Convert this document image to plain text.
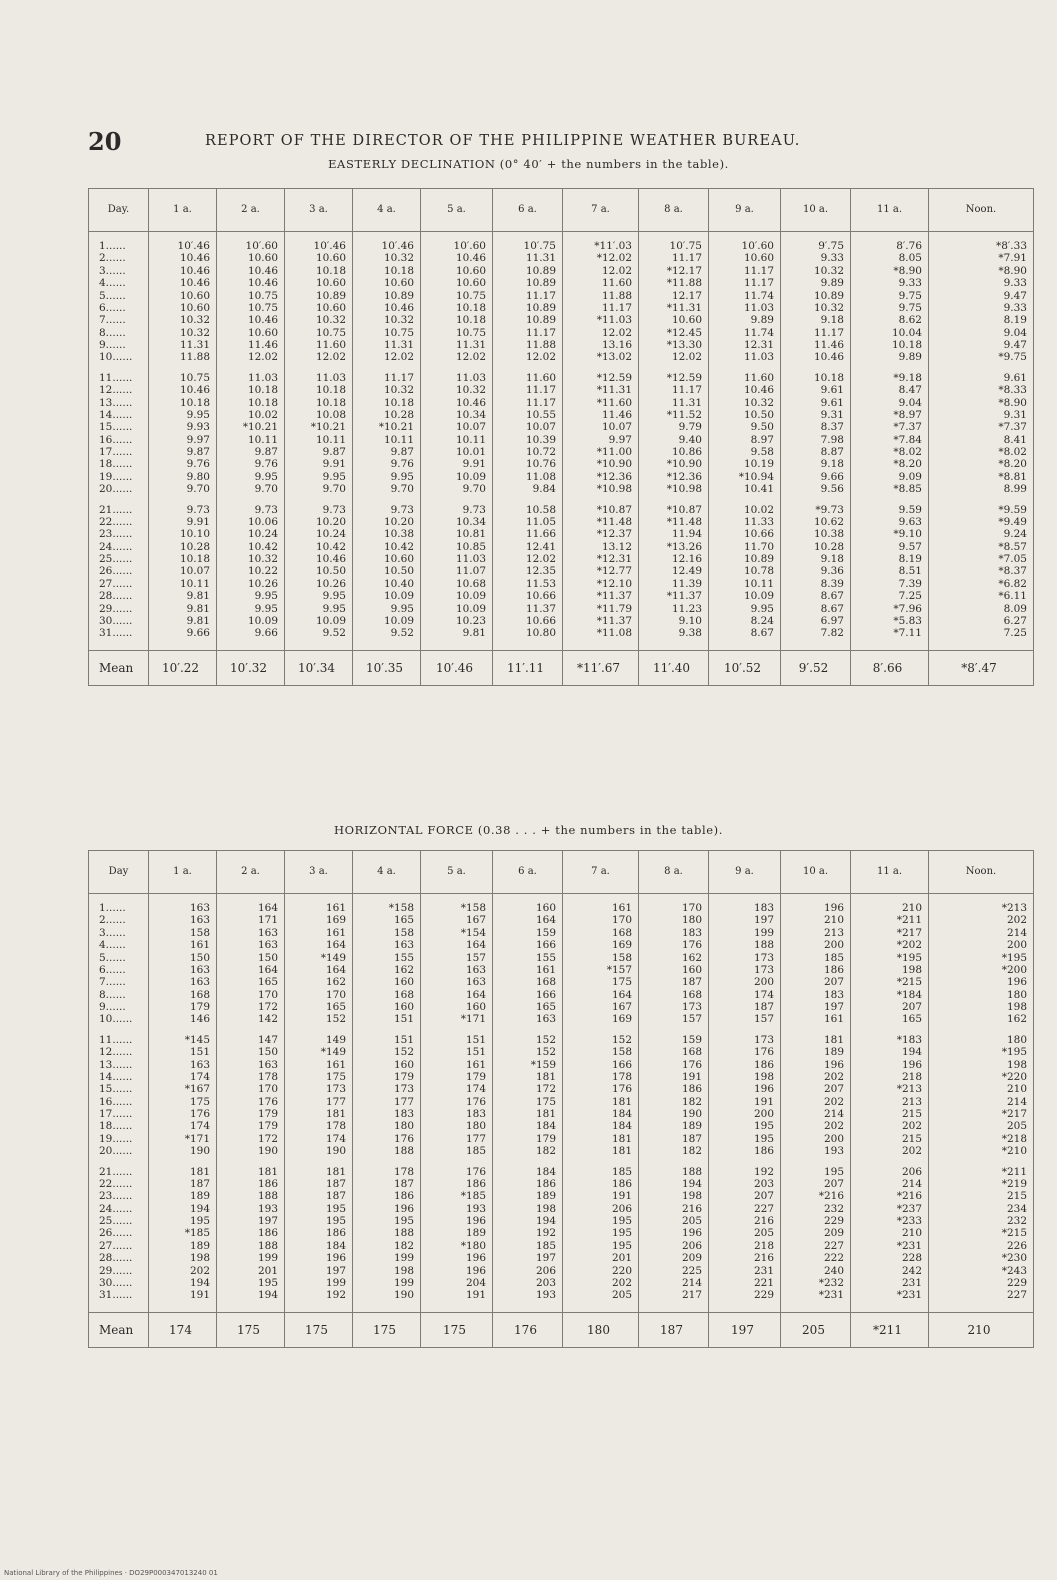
20	REPORT OF THE DIRECTOR OF THE PHILIPPINE WEATHER BUREAU.
EASTERLY DECLINATION (0° 40′ + the numbers in the table).
Day.	1 a.	2 a.	3 a.	4 a.	5 a.	6 a.	7 a.	8 a.	9 a.	10 a.	11 a.	Noon.
1......	10′.46	10′.60	10′.46	10′.46	10′.60	10′.75	*11′.03	10′.75	10′.60	9′.75	8′.76	*8′.33
2......	10.46	10.60	10.60	10.32	10.46	11.31	*12.02	11.17	10.60	9.33	8.05	*7.91
3......	10.46	10.46	10.18	10.18	10.60	10.89	12.02	*12.17	11.17	10.32	*8.90	*8.90
4......	10.46	10.46	10.60	10.60	10.60	10.89	11.60	*11.88	11.17	9.89	9.33	9.33
5......	10.60	10.75	10.89	10.89	10.75	11.17	11.88	12.17	11.74	10.89	9.75	9.47
6......	10.60	10.75	10.60	10.46	10.18	10.89	11.17	*11.31	11.03	10.32	9.75	9.33
7......	10.32	10.46	10.32	10.32	10.18	10.89	*11.03	10.60	9.89	9.18	8.62	8.19
8......	10.32	10.60	10.75	10.75	10.75	11.17	12.02	*12.45	11.74	11.17	10.04	9.04
9......	11.31	11.46	11.60	11.31	11.31	11.88	13.16	*13.30	12.31	11.46	10.18	9.47
10......	11.88	12.02	12.02	12.02	12.02	12.02	*13.02	12.02	11.03	10.46	9.89	*9.75
11......	10.75	11.03	11.03	11.17	11.03	11.60	*12.59	*12.59	11.60	10.18	*9.18	9.61
12......	10.46	10.18	10.18	10.32	10.32	11.17	*11.31	11.17	10.46	9.61	8.47	*8.33
13......	10.18	10.18	10.18	10.18	10.46	11.17	*11.60	11.31	10.32	9.61	9.04	*8.90
14......	9.95	10.02	10.08	10.28	10.34	10.55	11.46	*11.52	10.50	9.31	*8.97	9.31
15......	9.93	*10.21	*10.21	*10.21	10.07	10.07	10.07	9.79	9.50	8.37	*7.37	*7.37
16......	9.97	10.11	10.11	10.11	10.11	10.39	9.97	9.40	8.97	7.98	*7.84	8.41
17......	9.87	9.87	9.87	9.87	10.01	10.72	*11.00	10.86	9.58	8.87	*8.02	*8.02
18......	9.76	9.76	9.91	9.76	9.91	10.76	*10.90	*10.90	10.19	9.18	*8.20	*8.20
19......	9.80	9.95	9.95	9.95	10.09	11.08	*12.36	*12.36	*10.94	9.66	9.09	*8.81
20......	9.70	9.70	9.70	9.70	9.70	9.84	*10.98	*10.98	10.41	9.56	*8.85	8.99
21......	9.73	9.73	9.73	9.73	9.73	10.58	*10.87	*10.87	10.02	*9.73	9.59	*9.59
22......	9.91	10.06	10.20	10.20	10.34	11.05	*11.48	*11.48	11.33	10.62	9.63	*9.49
23......	10.10	10.24	10.24	10.38	10.81	11.66	*12.37	11.94	10.66	10.38	*9.10	9.24
24......	10.28	10.42	10.42	10.42	10.85	12.41	13.12	*13.26	11.70	10.28	9.57	*8.57
25......	10.18	10.32	10.46	10.60	11.03	12.02	*12.31	12.16	10.89	9.18	8.19	*7.05
26......	10.07	10.22	10.50	10.50	11.07	12.35	*12.77	12.49	10.78	9.36	8.51	*8.37
27......	10.11	10.26	10.26	10.40	10.68	11.53	*12.10	11.39	10.11	8.39	7.39	*6.82
28......	9.81	9.95	9.95	10.09	10.09	10.66	*11.37	*11.37	10.09	8.67	7.25	*6.11
29......	9.81	9.95	9.95	9.95	10.09	11.37	*11.79	11.23	9.95	8.67	*7.96	8.09
30......	9.81	10.09	10.09	10.09	10.23	10.66	*11.37	9.10	8.24	6.97	*5.83	6.27
31......	9.66	9.66	9.52	9.52	9.81	10.80	*11.08	9.38	8.67	7.82	*7.11	7.25
Mean	10′.22	10′.32	10′.34	10′.35	10′.46	11′.11	*11′.67	11′.40	10′.52	9′.52	8′.66	*8′.47
HORIZONTAL FORCE (0.38 . . . + the numbers in the table).
Day	1 a.	2 a.	3 a.	4 a.	5 a.	6 a.	7 a.	8 a.	9 a.	10 a.	11 a.	Noon.
1......	163	164	161	*158	*158	160	161	170	183	196	210	*213
2......	163	171	169	165	167	164	170	180	197	210	*211	202
3......	158	163	161	158	*154	159	168	183	199	213	*217	214
4......	161	163	164	163	164	166	169	176	188	200	*202	200
5......	150	150	*149	155	157	155	158	162	173	185	*195	*195
6......	163	164	164	162	163	161	*157	160	173	186	198	*200
7......	163	165	162	160	163	168	175	187	200	207	*215	196
8......	168	170	170	168	164	166	164	168	174	183	*184	180
9......	179	172	165	160	160	165	167	173	187	197	207	198
10......	146	142	152	151	*171	163	169	157	157	161	165	162
11......	*145	147	149	151	151	152	152	159	173	181	*183	180
12......	151	150	*149	152	151	152	158	168	176	189	194	*195
13......	163	163	161	160	161	*159	166	176	186	196	196	198
14......	174	178	175	179	179	181	178	191	198	202	218	*220
15......	*167	170	173	173	174	172	176	186	196	207	*213	210
16......	175	176	177	177	176	175	181	182	191	202	213	214
17......	176	179	181	183	183	181	184	190	200	214	215	*217
18......	174	179	178	180	180	184	184	189	195	202	202	205
19......	*171	172	174	176	177	179	181	187	195	200	215	*218
20......	190	190	190	188	185	182	181	182	186	193	202	*210
21......	181	181	181	178	176	184	185	188	192	195	206	*211
22......	187	186	187	187	186	186	186	194	203	207	214	*219
23......	189	188	187	186	*185	189	191	198	207	*216	*216	215
24......	194	193	195	196	193	198	206	216	227	232	*237	234
25......	195	197	195	195	196	194	195	205	216	229	*233	232
26......	*185	186	186	188	189	192	195	196	205	209	210	*215
27......	189	188	184	182	*180	185	195	206	218	227	*231	226
28......	198	199	196	199	196	197	201	209	216	222	228	*230
29......	202	201	197	198	196	206	220	225	231	240	242	*243
30......	194	195	199	199	204	203	202	214	221	*232	231	229
31......	191	194	192	190	191	193	205	217	229	*231	*231	227
Mean	174	175	175	175	175	176	180	187	197	205	*211	210
National Library of the Philippines · DO29P000347013240 01
